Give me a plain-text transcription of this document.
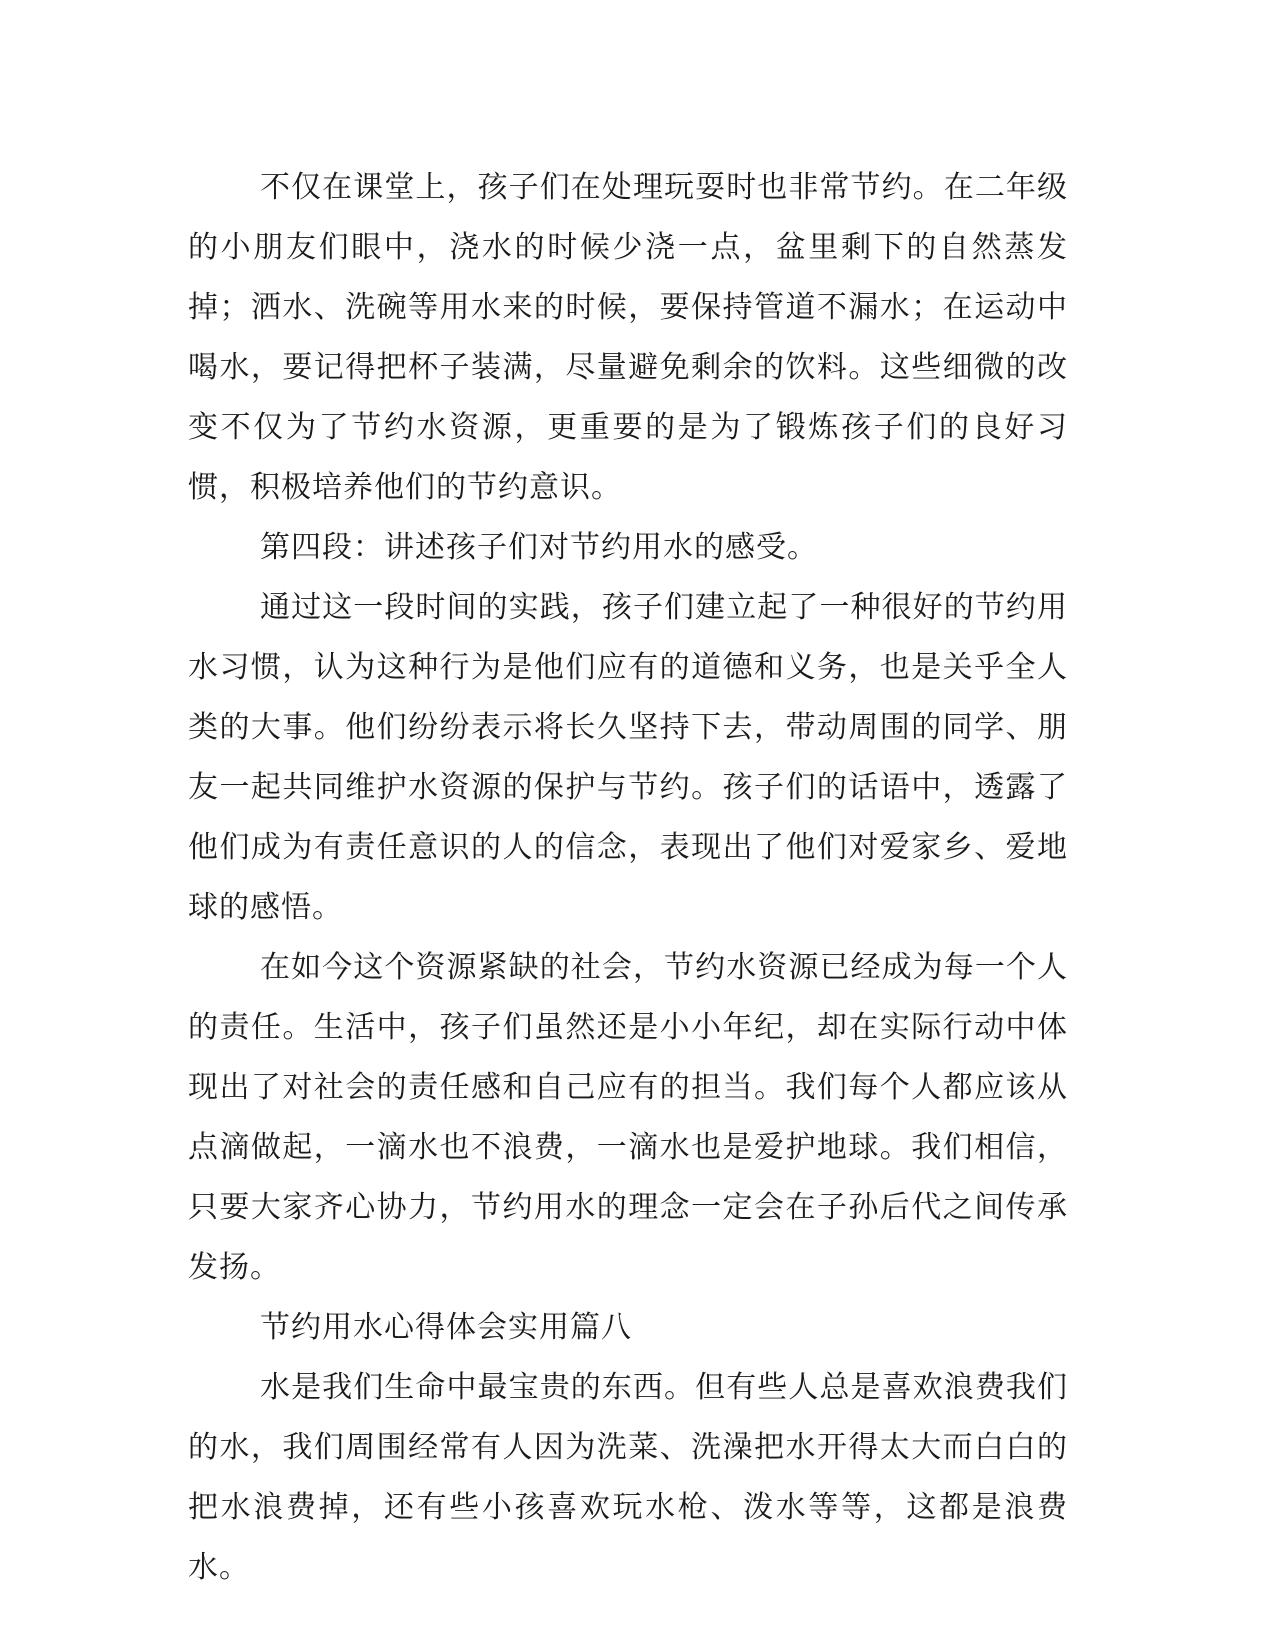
不仅在课堂上，孩子们在处理玩耍时也非常节约。在二年级的小朋友们眼中，浇水的时候少浇一点，盆里剩下的自然蒸发掉；洒水、洗碗等用水来的时候，要保持管道不漏水；在运动中喝水，要记得把杯子装满，尽量避免剩余的饮料。这些细微的改变不仅为了节约水资源，更重要的是为了锻炼孩子们的良好习惯，积极培养他们的节约意识。

第四段：讲述孩子们对节约用水的感受。

通过这一段时间的实践，孩子们建立起了一种很好的节约用水习惯，认为这种行为是他们应有的道德和义务，也是关乎全人类的大事。他们纷纷表示将长久坚持下去，带动周围的同学、朋友一起共同维护水资源的保护与节约。孩子们的话语中，透露了他们成为有责任意识的人的信念，表现出了他们对爱家乡、爱地球的感悟。

在如今这个资源紧缺的社会，节约水资源已经成为每一个人的责任。生活中，孩子们虽然还是小小年纪，却在实际行动中体现出了对社会的责任感和自己应有的担当。我们每个人都应该从点滴做起，一滴水也不浪费，一滴水也是爱护地球。我们相信，只要大家齐心协力，节约用水的理念一定会在子孙后代之间传承发扬。

节约用水心得体会实用篇八

水是我们生命中最宝贵的东西。但有些人总是喜欢浪费我们的水，我们周围经常有人因为洗菜、洗澡把水开得太大而白白的把水浪费掉，还有些小孩喜欢玩水枪、泼水等等，这都是浪费水。
